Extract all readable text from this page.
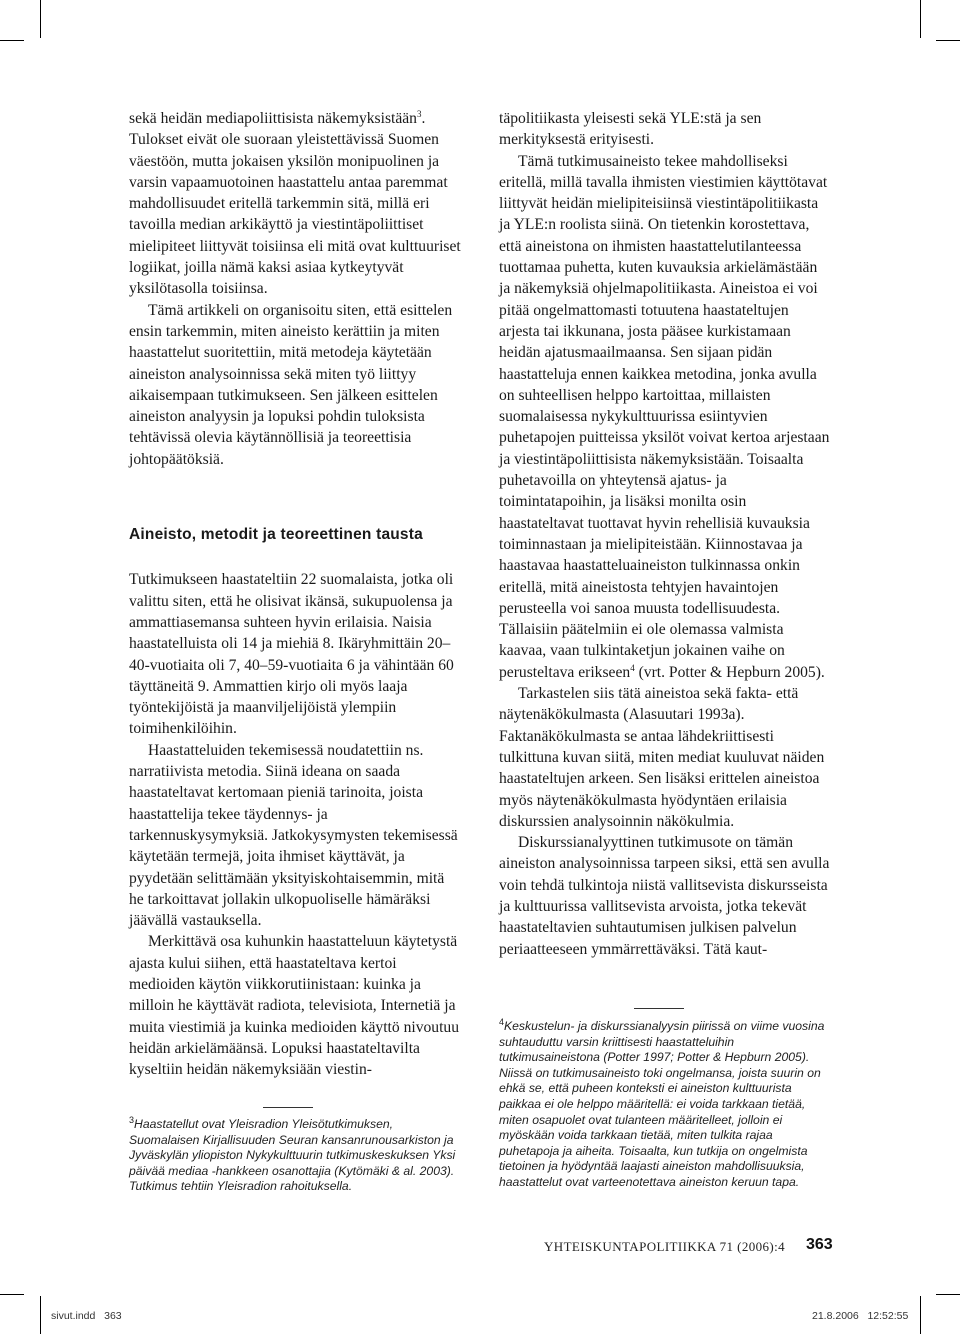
sekä heidän mediapoliittisista näkemyksistään$^3$.

Tulokset eivät ole suoraan yleistettävissä Suomen väestöön, mutta jokaisen yksilön monipuolinen ja varsin vapaamuotoinen haastattelu antaa paremmat mahdollisuudet eritellä tarkemmin sitä, millä eri tavoilla median arkikäyttö ja viestintäpoliittiset mielipiteet liittyvät toisiinsa eli mitä ovat kulttuuriset logiikat, joilla nämä kaksi asiaa kytkeytyvät yksilötasolla toisiinsa.

Tämä artikkeli on organisoitu siten, että esittelen ensin tarkemmin, miten aineisto kerättiin ja miten haastattelut suoritettiin, mitä metodeja käytetään aineiston analysoinnissa sekä miten työ liittyy aikaisempaan tutkimukseen. Sen jälkeen esittelen aineiston analyysin ja lopuksi pohdin tuloksista tehtävissä olevia käytännöllisiä ja teoreettisia johtopäätöksiä.

Aineisto, metodit ja teoreettinen tausta

Tutkimukseen haastateltiin 22 suomalaista, jotka oli valittu siten, että he olisivat ikänsä, sukupuolensa ja ammattiasemansa suhteen hyvin erilaisia. Naisia haastatelluista oli 14 ja miehiä 8. Ikäryhmittäin 20–40-vuotiaita oli 7, 40–59-vuotiaita 6 ja vähintään 60 täyttäneitä 9. Ammattien kirjo oli myös laaja työntekijöistä ja maanviljelijöistä ylempiin toimihenkilöihin.

Haastatteluiden tekemisessä noudatettiin ns. narratiivista metodia. Siinä ideana on saada haastateltavat kertomaan pieniä tarinoita, joista haastattelija tekee täydennys- ja tarkennuskysymyksiä. Jatkokysymysten tekemisessä käytetään termejä, joita ihmiset käyttävät, ja pyydetään selittämään yksityiskohtaisemmin, mitä he tarkoittavat jollakin ulkopuoliselle hämäräksi jäävällä vastauksella.

Merkittävä osa kuhunkin haastatteluun käytetystä ajasta kului siihen, että haastateltava kertoi medioiden käytön viikkorutiinistaan: kuinka ja milloin he käyttävät radiota, televisiota, Internetiä ja muita viestimiä ja kuinka medioiden käyttö nivoutuu heidän arkielämäänsä. Lopuksi haastateltavilta kyseltiin heidän näkemyksiään viestin-

$^3$Haastatellut ovat Yleisradion Yleisötutkimuksen, Suomalaisen Kirjallisuuden Seuran kansanrunousarkiston ja Jyväskylän yliopiston Nykykulttuurin tutkimuskeskuksen Yksi päivää mediaa -hankkeen osanottajia (Kytömäki & al. 2003). Tutkimus tehtiin Yleisradion rahoituksella.

täpolitiikasta yleisesti sekä YLE:stä ja sen merkityksestä erityisesti.

Tämä tutkimusaineisto tekee mahdolliseksi eritellä, millä tavalla ihmisten viestimien käyttötavat liittyvät heidän mielipiteisiinsä viestintäpolitiikasta ja YLE:n roolista siinä. On tietenkin korostettava, että aineistona on ihmisten haastattelutilanteessa tuottamaa puhetta, kuten kuvauksia arkielämästään ja näkemyksiä ohjelmapolitiikasta. Aineistoa ei voi pitää ongelmattomasti totuutena haastateltujen arjesta tai ikkunana, josta pääsee kurkistamaan heidän ajatusmaailmaansa. Sen sijaan pidän haastatteluja ennen kaikkea metodina, jonka avulla on suhteellisen helppo kartoittaa, millaisten suomalaisessa nykykulttuurissa esiintyvien puhetapojen puitteissa yksilöt voivat kertoa arjestaan ja viestintäpoliittisista näkemyksistään. Toisaalta puhetavoilla on yhteytensä ajatus- ja toimintatapoihin, ja lisäksi monilta osin haastateltavat tuottavat hyvin rehellisiä kuvauksia toiminnastaan ja mielipiteistään. Kiinnostavaa ja haastavaa haastatteluaineiston tulkinnassa onkin eritellä, mitä aineistosta tehtyjen havaintojen perusteella voi sanoa muusta todellisuudesta. Tällaisiin päätelmiin ei ole olemassa valmista kaavaa, vaan tulkintaketjun jokainen vaihe on perusteltava erikseen$^4$ (vrt. Potter & Hepburn 2005).

Tarkastelen siis tätä aineistoa sekä fakta- että näytenäkökulmasta (Alasuutari 1993a). Faktanäkökulmasta se antaa lähdekriittisesti tulkittuna kuvan siitä, miten mediat kuuluvat näiden haastateltujen arkeen. Sen lisäksi erittelen aineistoa myös näytenäkökulmasta hyödyntäen erilaisia diskurssien analysoinnin näkökulmia.

Diskurssianalyyttinen tutkimusote on tämän aineiston analysoinnissa tarpeen siksi, että sen avulla voin tehdä tulkintoja niistä vallitsevista diskursseista ja kulttuurissa vallitsevista arvoista, jotka tekevät haastateltavien suhtautumisen julkisen palvelun periaatteeseen ymmärrettäväksi. Tätä kaut-

$^4$Keskustelun- ja diskurssianalyysin piirissä on viime vuosina suhtauduttu varsin kriittisesti haastatteluihin tutkimusaineistona (Potter 1997; Potter & Hepburn 2005). Niissä on tutkimusaineisto toki ongelmansa, joista suurin on ehkä se, että puheen konteksti ei aineiston kulttuurista paikkaa ei ole helppo määritellä: ei voida tarkkaan tietää, miten osapuolet ovat tulanteen määritelleet, jolloin ei myöskään voida tarkkaan tietää, miten tulkita rajaa puhetapoja ja aiheita. Toisaalta, kun tutkija on ongelmista tietoinen ja hyödyntää laajasti aineiston mahdollisuuksia, haastattelut ovat varteenotettava aineiston keruun tapa.
YHTEISKUNTAPOLITIIKKA 71 (2006):4 363
sivut.indd   363	21.8.2006   12:52:55
